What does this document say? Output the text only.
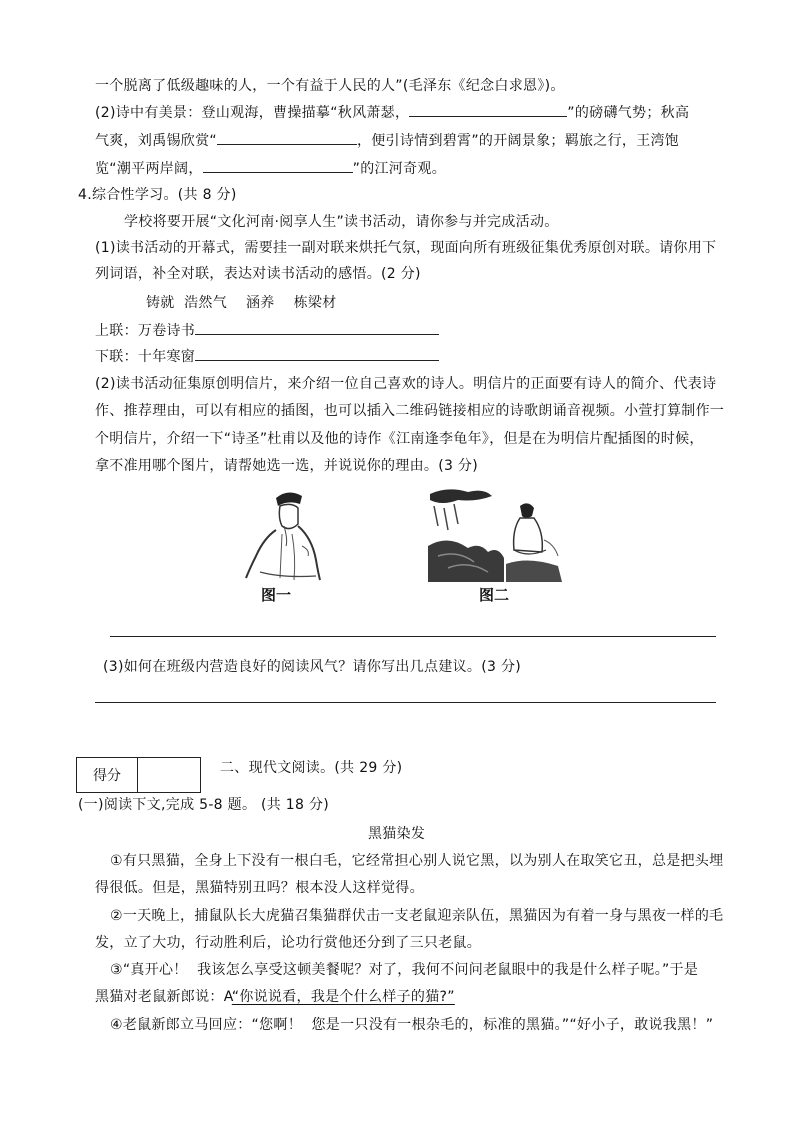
一个脱离了低级趣味的人，一个有益于人民的人”(毛泽东《纪念白求恩》)。
(2)诗中有美景：登山观海，曹操描摹“秋风萧瑟，	”的磅礴气势；秋高
气爽，刘禹锡欣赏“	，便引诗情到碧霄”的开阔景象；羁旅之行，王湾饱
览“潮平两岸阔，	”的江河奇观。
4.综合性学习。(共 8 分)
学校将要开展“文化河南·阅享人生”读书活动，请你参与并完成活动。
(1)读书活动的开幕式，需要挂一副对联来烘托气氛，现面向所有班级征集优秀原创对联。请你用下
列词语，补全对联，表达对读书活动的感悟。(2 分)
铸就  浩然气    涵养    栋梁材
上联：万卷诗书
下联：十年寒窗
(2)读书活动征集原创明信片，来介绍一位自己喜欢的诗人。明信片的正面要有诗人的简介、代表诗
作、推荐理由，可以有相应的插图，也可以插入二维码链接相应的诗歌朗诵音视频。小萱打算制作一
个明信片，介绍一下“诗圣”杜甫以及他的诗作《江南逢李龟年》，但是在为明信片配插图的时候，
拿不准用哪个图片，请帮她选一选，并说说你的理由。(3 分)
图一	图二
(3)如何在班级内营造良好的阅读风气？请你写出几点建议。(3 分)
得分		二、现代文阅读。(共 29 分)
(一)阅读下文,完成 5-8 题。 (共 18 分)
黑猫染发
①有只黑猫，全身上下没有一根白毛，它经常担心别人说它黑，以为别人在取笑它丑，总是把头埋
得很低。但是，黑猫特别丑吗？根本没人这样觉得。
②一天晚上，捕鼠队长大虎猫召集猫群伏击一支老鼠迎亲队伍，黑猫因为有着一身与黑夜一样的毛
发，立了大功，行动胜利后，论功行赏他还分到了三只老鼠。
③“真开心！  我该怎么享受这顿美餐呢？对了，我何不问问老鼠眼中的我是什么样子呢。”于是
黑猫对老鼠新郎说：A“你说说看，我是个什么样子的猫?”
④老鼠新郎立马回应：“您啊！  您是一只没有一根杂毛的，标准的黑猫。”“好小子，敢说我黑！”
